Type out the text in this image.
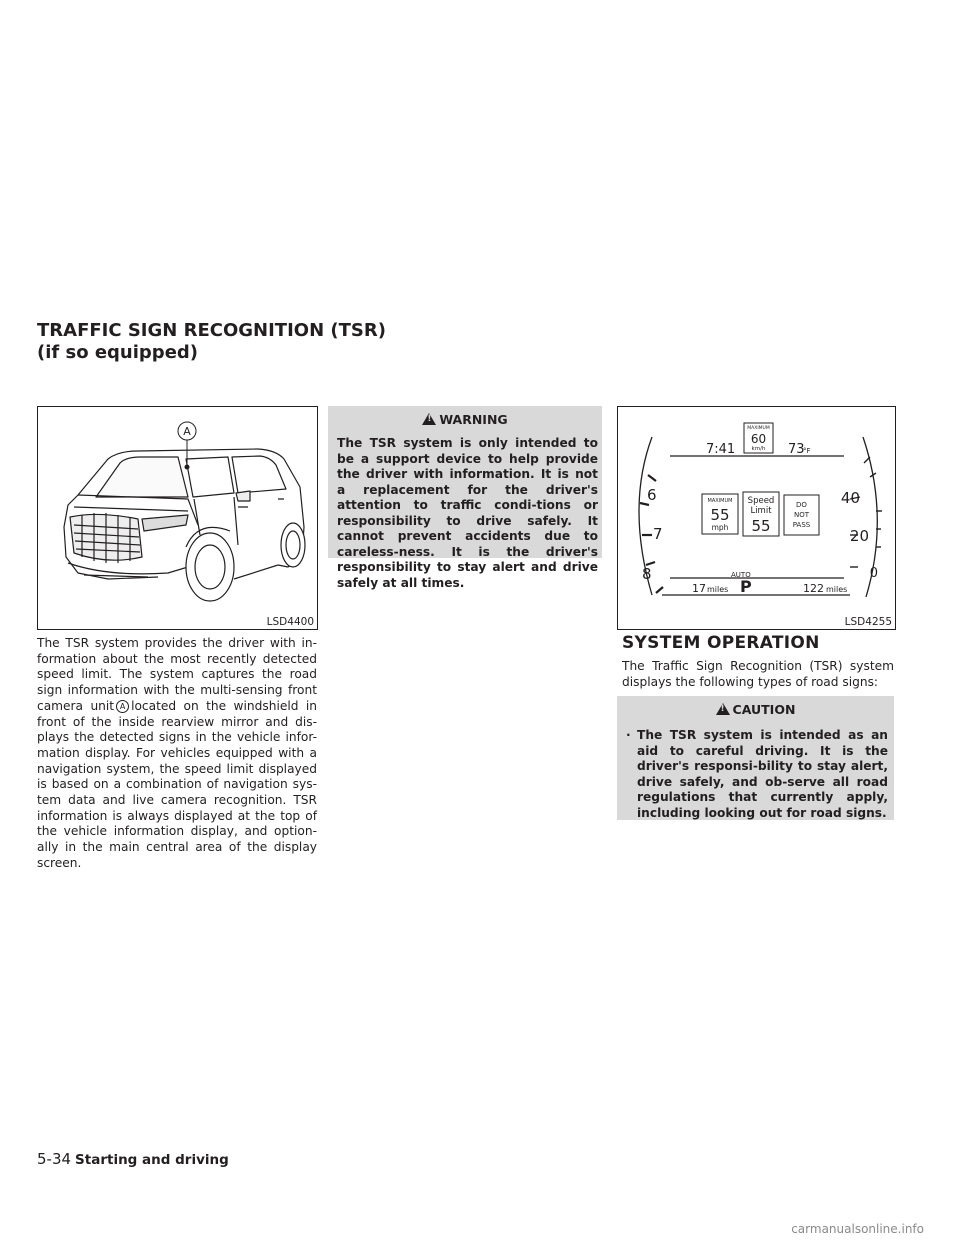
TRAFFIC SIGN RECOGNITION (TSR)
(if so equipped)
A
LSD4400

The TSR system provides the driver with in-formation about the most recently detected speed limit. The system captures the road sign information with the multi-sensing front camera unit A located on the windshield in front of the inside rearview mirror and dis-plays the detected signs in the vehicle infor-mation display. For vehicles equipped with a navigation system, the speed limit displayed is based on a combination of navigation sys-tem data and live camera recognition. TSR information is always displayed at the top of the vehicle information display, and option-ally in the main central area of the display screen.

!WARNING
The TSR system is only intended to be a support device to help provide the driver with information. It is not a replacement for the driver's attention to traffic condi-tions or responsibility to drive safely. It cannot prevent accidents due to careless-ness. It is the driver's responsibility to stay alert and drive safely at all times.
6
7
8
40
20
0
7:41
MAXIMUM
60
km/h 73
°F
MAXIMUM
55
mph
Speed
Limit
55
DO
NOT
PASS
AUTO
P
17 miles	122 miles
LSD4255
SYSTEM OPERATION

The Traffic Sign Recognition (TSR) system displays the following types of road signs:

!CAUTION
· The TSR system is intended as an aid to careful driving. It is the driver's responsi-bility to stay alert, drive safely, and ob-serve all road regulations that currently apply, including looking out for road signs.
5-34 Starting and driving
carmanualsonline.info
